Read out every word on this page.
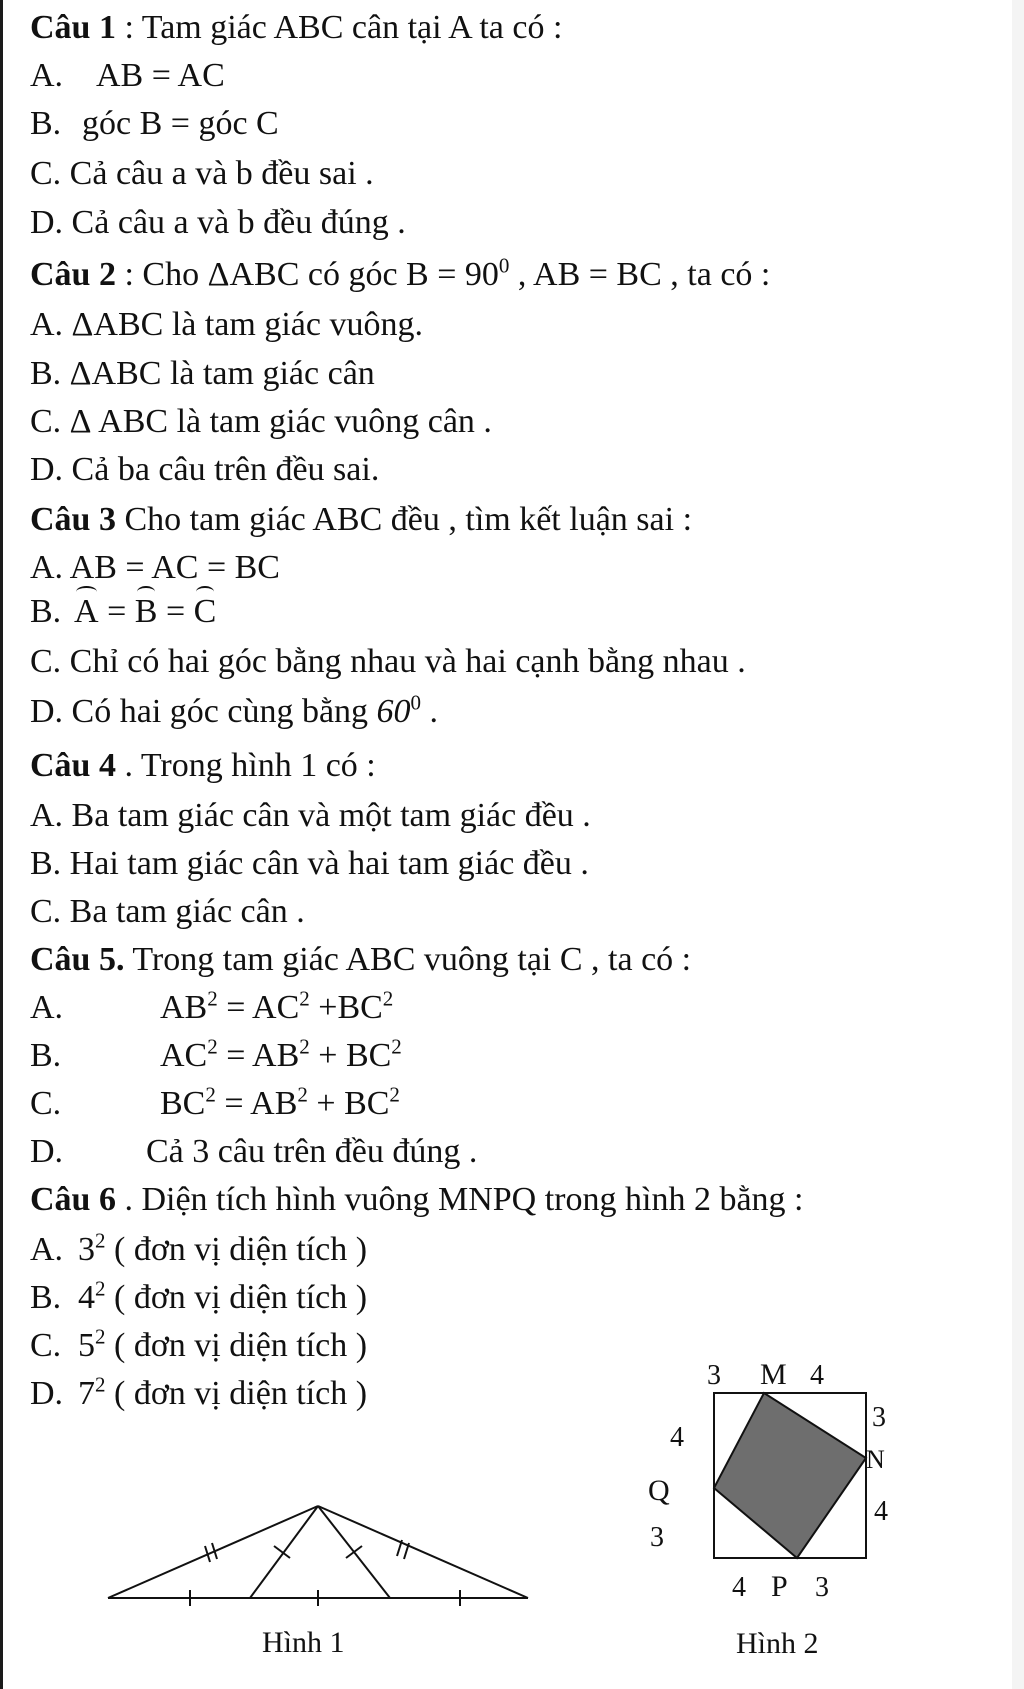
Câu 1 : Tam giác ABC cân tại A ta có :
A. AB = AC
B. góc B = góc C
C. Cả câu a và b đều sai .
D. Cả câu a và b đều đúng .
Câu 2 : Cho ΔABC có góc $B = 90^0$ , AB = BC , ta có :
A. ΔABC là tam giác vuông.
B. ΔABC là tam giác cân
C. Δ ABC là tam giác vuông cân .
D. Cả ba câu trên đều sai.
Câu 3 Cho tam giác ABC đều , tìm kết luận sai :
A. AB = AC = BC
B. A = B = C
C. Chỉ có hai góc bằng nhau và hai cạnh bằng nhau .
D. Có hai góc cùng bằng $60^0$ .
Câu 4 . Trong hình 1 có :
A. Ba tam giác cân và một tam giác đều .
B. Hai tam giác cân và hai tam giác đều .
C. Ba tam giác cân .
Câu 5. Trong tam giác ABC vuông tại C , ta có :
A.	$AB^2 = AC^2 +BC^2$
B.	$AC^2 = AB^2 + BC^2$
C.	$BC^2 = AB^2 + BC^2$
D. Cả 3 câu trên đều đúng .
Câu 6 . Diện tích hình vuông MNPQ trong hình 2 bằng :
A. $3^2$ ( đơn vị diện tích )
B. $4^2$ ( đơn vị diện tích )
C. $5^2$ ( đơn vị diện tích )
D. $7^2$ ( đơn vị diện tích )
Hình 1
3 M 4
3
N
4
4
Q
3
4 P 3
Hình 2
